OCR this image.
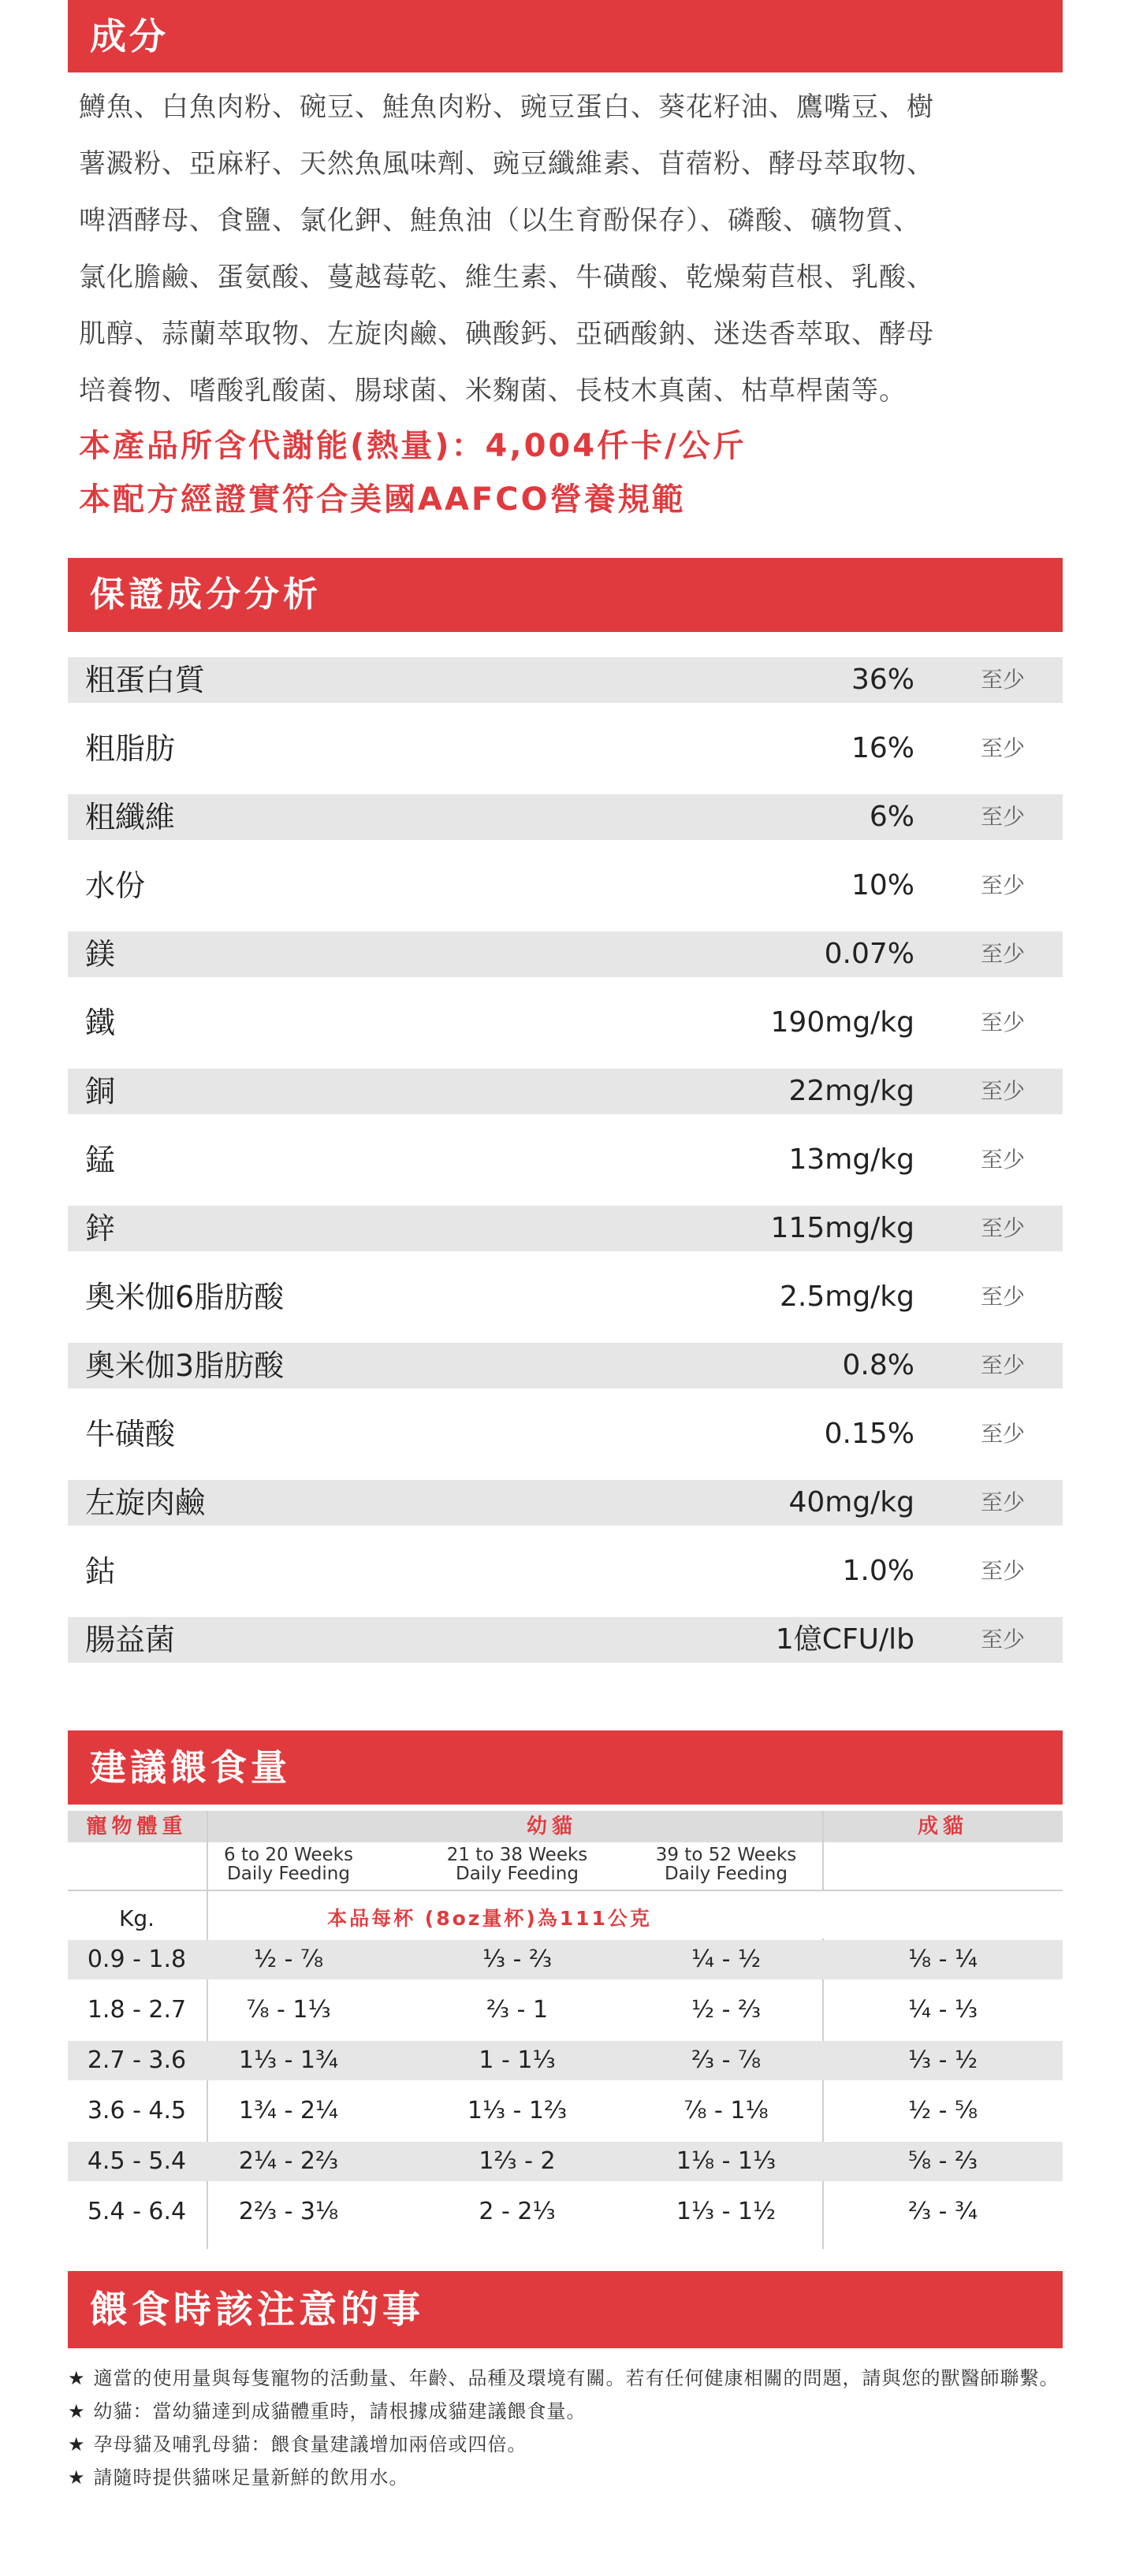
成分
鱒魚、白魚肉粉、碗豆、鮭魚肉粉、豌豆蛋白、葵花籽油、鷹嘴豆、樹
薯澱粉、亞麻籽、天然魚風味劑、豌豆纖維素、苜蓿粉、酵母萃取物、
啤酒酵母、食鹽、氯化鉀、鮭魚油（以生育酚保存）、磷酸、礦物質、
氯化膽鹼、蛋氨酸、蔓越莓乾、維生素、牛磺酸、乾燥菊苣根、乳酸、
肌醇、蒜蘭萃取物、左旋肉鹼、碘酸鈣、亞硒酸鈉、迷迭香萃取、酵母
培養物、嗜酸乳酸菌、腸球菌、米麴菌、長枝木真菌、枯草桿菌等。
本產品所含代謝能(熱量)：4,004仟卡/公斤
本配方經證實符合美國AAFCO營養規範
保證成分分析
粗蛋白質	36%	至少
粗脂肪	16%	至少
粗纖維	6%	至少
水份	10%	至少
鎂	0.07%	至少
鐵	190mg/kg	至少
銅	22mg/kg	至少
錳	13mg/kg	至少
鋅	115mg/kg	至少
奧米伽6脂肪酸	2.5mg/kg	至少
奧米伽3脂肪酸	0.8%	至少
牛磺酸	0.15%	至少
左旋肉鹼	40mg/kg	至少
鈷	1.0%	至少
腸益菌	1億CFU/lb	至少
建議餵食量
寵物體重	幼貓	成貓
6 to 20 Weeks
Daily Feeding
21 to 38 Weeks
Daily Feeding
39 to 52 Weeks
Daily Feeding
Kg.	本品每杯 (8oz量杯)為111公克
0.9 - 1.8	½ - ⅞	⅓ - ⅔	¼ - ½	⅛ - ¼
1.8 - 2.7	⅞ - 1⅓	⅔ - 1	½ - ⅔	¼ - ⅓
2.7 - 3.6	1⅓ - 1¾	1 - 1⅓	⅔ - ⅞	⅓ - ½
3.6 - 4.5	1¾ - 2¼	1⅓ - 1⅔	⅞ - 1⅛	½ - ⅝
4.5 - 5.4	2¼ - 2⅔	1⅔ - 2	1⅛ - 1⅓	⅝ - ⅔
5.4 - 6.4	2⅔ - 3⅛	2 - 2⅓	1⅓ - 1½	⅔ - ¾
餵食時該注意的事
★ 適當的使用量與每隻寵物的活動量、年齡、品種及環境有關。若有任何健康相關的問題，請與您的獸醫師聯繫。
★ 幼貓：當幼貓達到成貓體重時，請根據成貓建議餵食量。
★ 孕母貓及哺乳母貓：餵食量建議增加兩倍或四倍。
★ 請隨時提供貓咪足量新鮮的飲用水。
